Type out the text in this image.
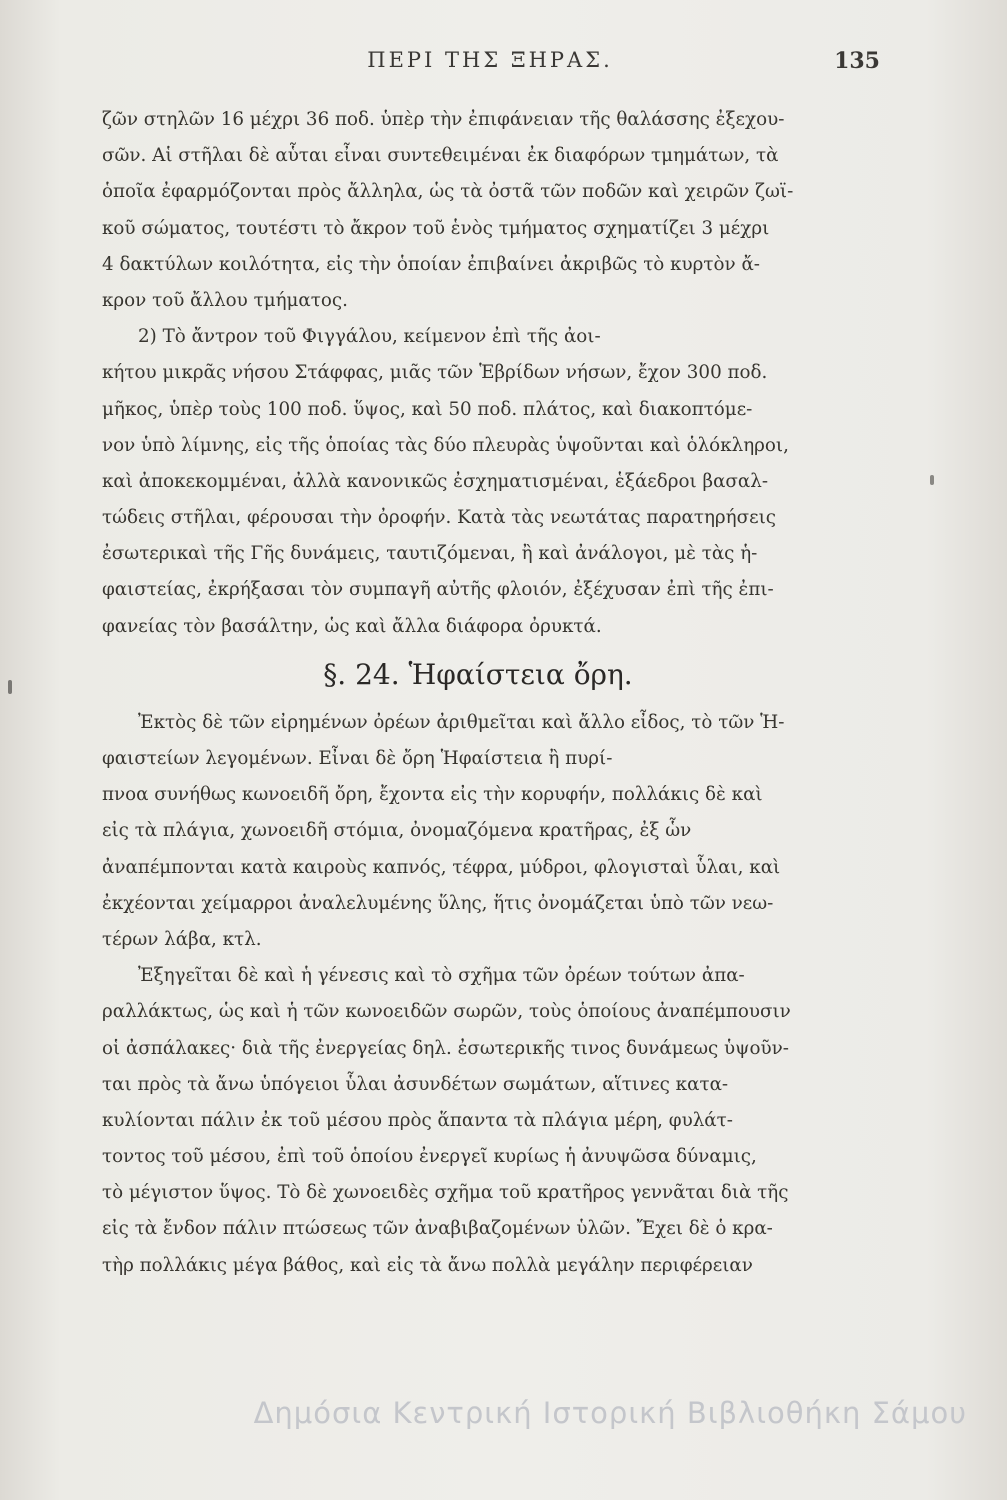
ΠΕΡΙ ΤΗΣ ΞΗΡΑΣ.	135
ζῶν στηλῶν 16 μέχρι 36 ποδ. ὑπὲρ τὴν ἐπιφάνειαν τῆς θαλάσσης ἐξεχου-
σῶν. Αἱ στῆλαι δὲ αὗται εἶναι συντεθειμέναι ἐκ διαφόρων τμημάτων, τὰ
ὁποῖα ἐφαρμόζονται πρὸς ἄλληλα, ὡς τὰ ὀστᾶ τῶν ποδῶν καὶ χειρῶν ζωϊ-
κοῦ σώματος, τουτέστι τὸ ἄκρον τοῦ ἑνὸς τμήματος σχηματίζει 3 μέχρι
4 δακτύλων κοιλότητα, εἰς τὴν ὁποίαν ἐπιβαίνει ἀκριβῶς τὸ κυρτὸν ἄ-
κρον τοῦ ἄλλου τμήματος.
2) Τὸ ἄντρον τοῦ Φιγγάλου, κείμενον ἐπὶ τῆς ἀοι-
κήτου μικρᾶς νήσου Στάφφας, μιᾶς τῶν Ἑβρίδων νήσων, ἔχον 300 ποδ.
μῆκος, ὑπὲρ τοὺς 100 ποδ. ὕψος, καὶ 50 ποδ. πλάτος, καὶ διακοπτόμε-
νον ὑπὸ λίμνης, εἰς τῆς ὁποίας τὰς δύο πλευρὰς ὑψοῦνται καὶ ὁλόκληροι,
καὶ ἀποκεκομμέναι, ἀλλὰ κανονικῶς ἐσχηματισμέναι, ἑξάεδροι βασαλ-
τώδεις στῆλαι, φέρουσαι τὴν ὀροφήν. Κατὰ τὰς νεωτάτας παρατηρήσεις
ἐσωτερικαὶ τῆς Γῆς δυνάμεις, ταυτιζόμεναι, ἢ καὶ ἀνάλογοι, μὲ τὰς ἡ-
φαιστείας, ἐκρήξασαι τὸν συμπαγῆ αὐτῆς φλοιόν, ἐξέχυσαν ἐπὶ τῆς ἐπι-
φανείας τὸν βασάλτην, ὡς καὶ ἄλλα διάφορα ὀρυκτά.
§. 24. Ἡφαίστεια ὄρη.
Ἐκτὸς δὲ τῶν εἰρημένων ὀρέων ἀριθμεῖται καὶ ἄλλο εἶδος, τὸ τῶν Ἡ-
φαιστείων λεγομένων. Εἶναι δὲ ὄρη Ἡφαίστεια ἢ πυρί-
πνοα συνήθως κωνοειδῆ ὄρη, ἔχοντα εἰς τὴν κορυφήν, πολλάκις δὲ καὶ
εἰς τὰ πλάγια, χωνοειδῆ στόμια, ὀνομαζόμενα κρατῆρας, ἐξ ὧν
ἀναπέμπονται κατὰ καιροὺς καπνός, τέφρα, μύδροι, φλογισταὶ ὗλαι, καὶ
ἐκχέονται χείμαρροι ἀναλελυμένης ὕλης, ἥτις ὀνομάζεται ὑπὸ τῶν νεω-
τέρων λάβα, κτλ.
Ἐξηγεῖται δὲ καὶ ἡ γένεσις καὶ τὸ σχῆμα τῶν ὀρέων τούτων ἀπα-
ραλλάκτως, ὡς καὶ ἡ τῶν κωνοειδῶν σωρῶν, τοὺς ὁποίους ἀναπέμπουσιν
οἱ ἀσπάλακες· διὰ τῆς ἐνεργείας δηλ. ἐσωτερικῆς τινος δυνάμεως ὑψοῦν-
ται πρὸς τὰ ἄνω ὑπόγειοι ὗλαι ἀσυνδέτων σωμάτων, αἵτινες κατα-
κυλίονται πάλιν ἐκ τοῦ μέσου πρὸς ἅπαντα τὰ πλάγια μέρη, φυλάτ-
τοντος τοῦ μέσου, ἐπὶ τοῦ ὁποίου ἐνεργεῖ κυρίως ἡ ἀνυψῶσα δύναμις,
τὸ μέγιστον ὕψος. Τὸ δὲ χωνοειδὲς σχῆμα τοῦ κρατῆρος γεννᾶται διὰ τῆς
εἰς τὰ ἔνδον πάλιν πτώσεως τῶν ἀναβιβαζομένων ὑλῶν. Ἔχει δὲ ὁ κρα-
τὴρ πολλάκις μέγα βάθος, καὶ εἰς τὰ ἄνω πολλὰ μεγάλην περιφέρειαν
Δημόσια Κεντρική Ιστορική Βιβλιοθήκη Σάμου
